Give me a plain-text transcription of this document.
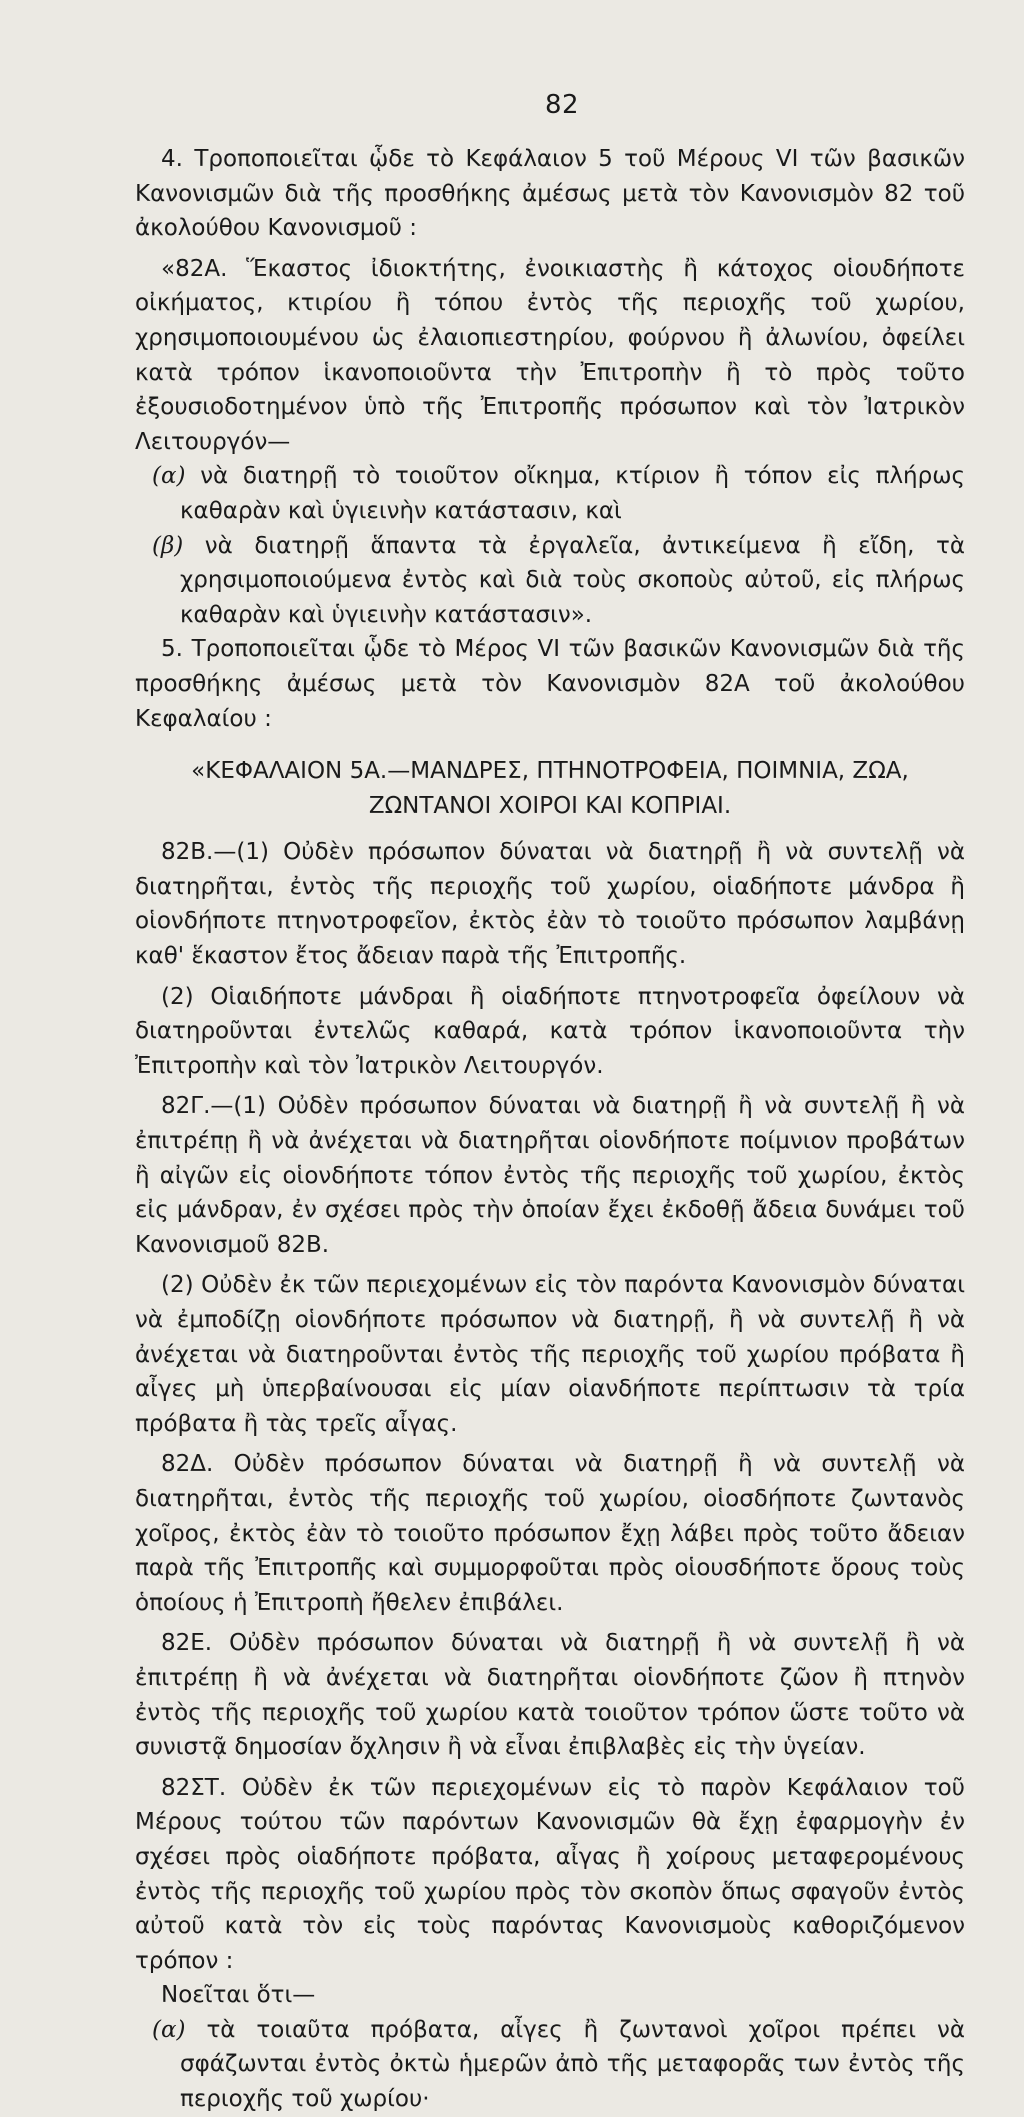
82

4. Τροποποιεῖται ᾧδε τὸ Κεφάλαιον 5 τοῦ Μέρους VI τῶν βασικῶν Κανονισμῶν διὰ τῆς προσθήκης ἀμέσως μετὰ τὸν Κανονισμὸν 82 τοῦ ἀκολούθου Κανονισμοῦ :

«82Α. Ἕκαστος ἰδιοκτήτης, ἐνοικιαστὴς ἢ κάτοχος οἱουδήποτε οἰκήματος, κτιρίου ἢ τόπου ἐντὸς τῆς περιοχῆς τοῦ χωρίου, χρησιμοποιουμένου ὡς ἐλαιοπιεστηρίου, φούρνου ἢ ἀλωνίου, ὀφείλει κατὰ τρόπον ἱκανοποιοῦντα τὴν Ἐπιτροπὴν ἢ τὸ πρὸς τοῦτο ἐξουσιοδοτημένον ὑπὸ τῆς Ἐπιτροπῆς πρόσωπον καὶ τὸν Ἰατρικὸν Λειτουργόν—

(α) νὰ διατηρῇ τὸ τοιοῦτον οἴκημα, κτίριον ἢ τόπον εἰς πλήρως καθαρὰν καὶ ὑγιεινὴν κατάστασιν, καὶ

(β) νὰ διατηρῇ ἅπαντα τὰ ἐργαλεῖα, ἀντικείμενα ἢ εἴδη, τὰ χρησιμοποιούμενα ἐντὸς καὶ διὰ τοὺς σκοποὺς αὐτοῦ, εἰς πλήρως καθαρὰν καὶ ὑγιεινὴν κατάστασιν».

5. Τροποποιεῖται ᾧδε τὸ Μέρος VI τῶν βασικῶν Κανονισμῶν διὰ τῆς προσθήκης ἀμέσως μετὰ τὸν Κανονισμὸν 82Α τοῦ ἀκολούθου Κεφαλαίου :

«ΚΕΦΑΛΑΙΟΝ 5Α.—ΜΑΝΔΡΕΣ, ΠΤΗΝΟΤΡΟΦΕΙΑ, ΠΟΙΜΝΙΑ, ΖΩΑ,
ΖΩΝΤΑΝΟΙ ΧΟΙΡΟΙ ΚΑΙ ΚΟΠΡΙΑΙ.

82Β.—(1) Οὐδὲν πρόσωπον δύναται νὰ διατηρῇ ἢ νὰ συντελῇ νὰ διατηρῆται, ἐντὸς τῆς περιοχῆς τοῦ χωρίου, οἱαδήποτε μάνδρα ἢ οἱονδήποτε πτηνοτροφεῖον, ἐκτὸς ἐὰν τὸ τοιοῦτο πρόσωπον λαμβάνῃ καθ' ἕκαστον ἔτος ἄδειαν παρὰ τῆς Ἐπιτροπῆς.

(2) Οἱαιδήποτε μάνδραι ἢ οἱαδήποτε πτηνοτροφεῖα ὀφείλουν νὰ διατηροῦνται ἐντελῶς καθαρά, κατὰ τρόπον ἱκανοποιοῦντα τὴν Ἐπιτροπὴν καὶ τὸν Ἰατρικὸν Λειτουργόν.

82Γ.—(1) Οὐδὲν πρόσωπον δύναται νὰ διατηρῇ ἢ νὰ συντελῇ ἢ νὰ ἐπιτρέπῃ ἢ νὰ ἀνέχεται νὰ διατηρῆται οἱονδήποτε ποίμνιον προβάτων ἢ αἰγῶν εἰς οἱονδήποτε τόπον ἐντὸς τῆς περιοχῆς τοῦ χωρίου, ἐκτὸς εἰς μάνδραν, ἐν σχέσει πρὸς τὴν ὁποίαν ἔχει ἐκδοθῇ ἄδεια δυνάμει τοῦ Κανονισμοῦ 82Β.

(2) Οὐδὲν ἐκ τῶν περιεχομένων εἰς τὸν παρόντα Κανονισμὸν δύναται νὰ ἐμποδίζῃ οἱονδήποτε πρόσωπον νὰ διατηρῇ, ἢ νὰ συντελῇ ἢ νὰ ἀνέχεται νὰ διατηροῦνται ἐντὸς τῆς περιοχῆς τοῦ χωρίου πρόβατα ἢ αἶγες μὴ ὑπερβαίνουσαι εἰς μίαν οἱανδήποτε περίπτωσιν τὰ τρία πρόβατα ἢ τὰς τρεῖς αἶγας.

82Δ. Οὐδὲν πρόσωπον δύναται νὰ διατηρῇ ἢ νὰ συντελῇ νὰ διατηρῆται, ἐντὸς τῆς περιοχῆς τοῦ χωρίου, οἱοσδήποτε ζωντανὸς χοῖρος, ἐκτὸς ἐὰν τὸ τοιοῦτο πρόσωπον ἔχῃ λάβει πρὸς τοῦτο ἄδειαν παρὰ τῆς Ἐπιτροπῆς καὶ συμμορφοῦται πρὸς οἱουσδήποτε ὅρους τοὺς ὁποίους ἡ Ἐπιτροπὴ ἤθελεν ἐπιβάλει.

82Ε. Οὐδὲν πρόσωπον δύναται νὰ διατηρῇ ἢ νὰ συντελῇ ἢ νὰ ἐπιτρέπῃ ἢ νὰ ἀνέχεται νὰ διατηρῆται οἱονδήποτε ζῶον ἢ πτηνὸν ἐντὸς τῆς περιοχῆς τοῦ χωρίου κατὰ τοιοῦτον τρόπον ὥστε τοῦτο νὰ συνιστᾷ δημοσίαν ὄχλησιν ἢ νὰ εἶναι ἐπιβλαβὲς εἰς τὴν ὑγείαν.

82ΣΤ. Οὐδὲν ἐκ τῶν περιεχομένων εἰς τὸ παρὸν Κεφάλαιον τοῦ Μέρους τούτου τῶν παρόντων Κανονισμῶν θὰ ἔχῃ ἐφαρμογὴν ἐν σχέσει πρὸς οἱαδήποτε πρόβατα, αἶγας ἢ χοίρους μεταφερομένους ἐντὸς τῆς περιοχῆς τοῦ χωρίου πρὸς τὸν σκοπὸν ὅπως σφαγοῦν ἐντὸς αὐτοῦ κατὰ τὸν εἰς τοὺς παρόντας Κανονισμοὺς καθοριζόμενον τρόπον :

Νοεῖται ὅτι—

(α) τὰ τοιαῦτα πρόβατα, αἶγες ἢ ζωντανοὶ χοῖροι πρέπει νὰ σφάζωνται ἐντὸς ὀκτὼ ἡμερῶν ἀπὸ τῆς μεταφορᾶς των ἐντὸς τῆς περιοχῆς τοῦ χωρίου·
